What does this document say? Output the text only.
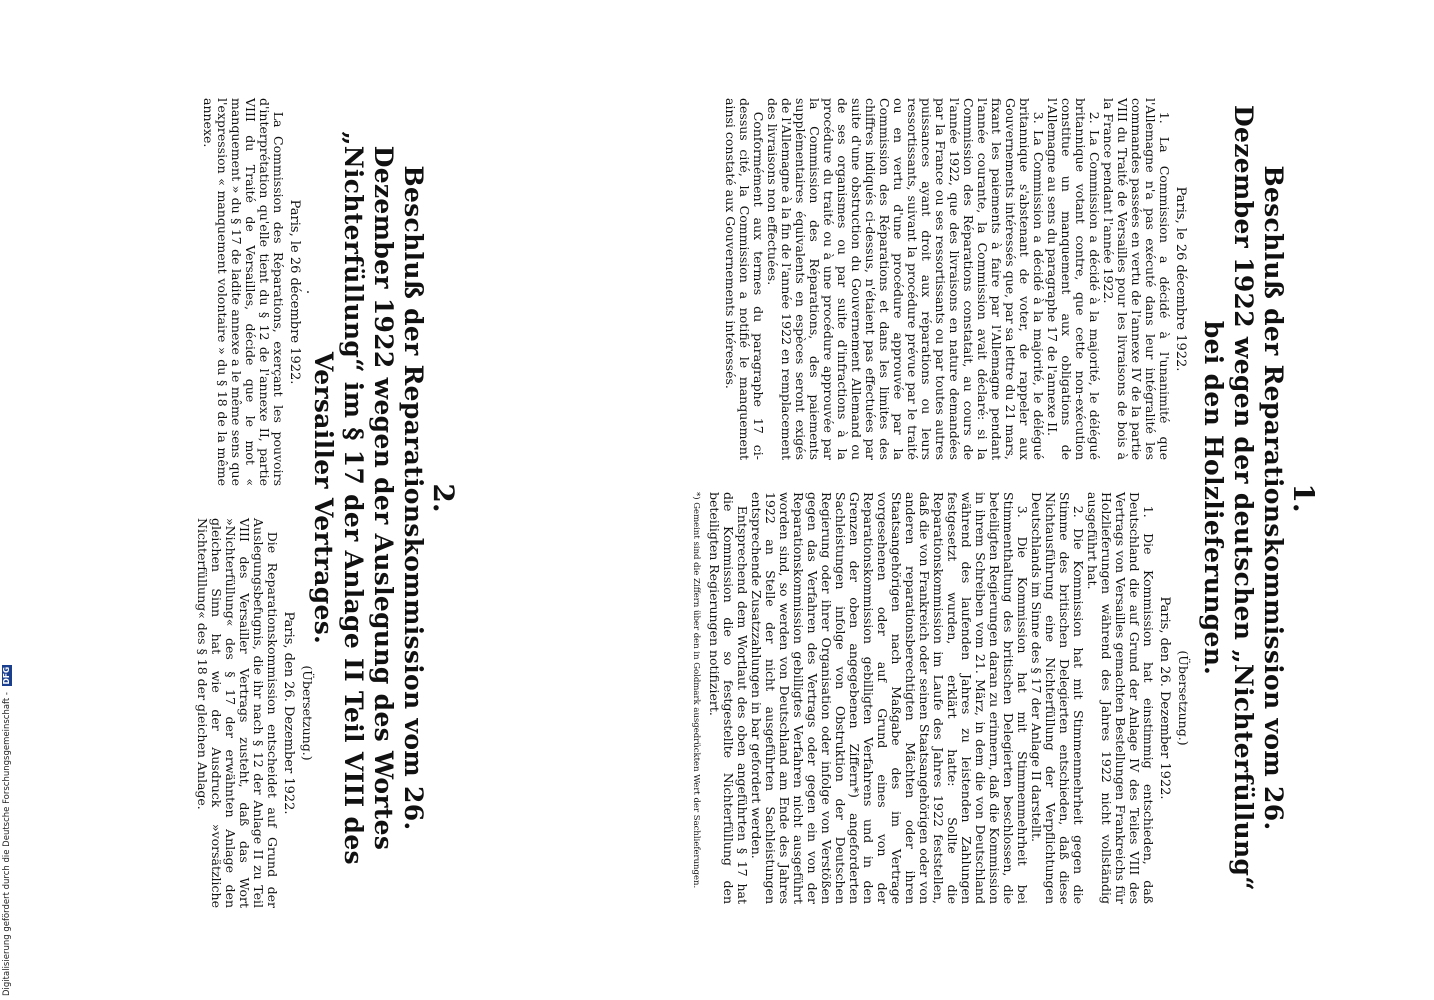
Digitalisierung gefördert durch die Deutsche Forschungsgemeinschaft - DFG

1.

Beschluß der Reparationskommission vom 26. Dezember 1922 wegen der deutschen „Nichterfüllung“ bei den Holzlieferungen.

Paris, le 26 décembre 1922.

1. La Commission a décidé à l'unanimité que l'Allemagne n'a pas exécuté dans leur intégralité les commandes passées en vertu de l'annexe IV de la partie VIII du Traité de Versailles pour les livraisons de bois à la France pendant l'année 1922.

2. La Commission a décidé à la majorité, le délégué britannique votant contre, que cette non-exécution constitue un manquement aux obligations de l'Allemagne au sens du paragraphe 17 de l'annexe II.

3. La Commission a décidé à la majorité, le délégué britannique s'abstenant de voter, de rappeler aux Gouvernements intéressés que, par sa lettre du 21 mars, fixant les paiements à faire par l'Allemagne pendant l'année courante, la Commission avait déclaré: si la Commission des Réparations constatait, au cours de l'année 1922, que des livraisons en nature demandées par la France ou ses ressortissants ou par toutes autres puissances ayant droit aux réparations ou leurs ressortissants, suivant la procédure prévue par le traité ou en vertu d'une procédure approuvée par la Commission des Réparations et dans les limites des chiffres indiqués ci-dessus, n'étaient pas effectuées par suite d'une obstruction du Gouvernement Allemand ou de ses organismes ou par suite d'infractions à la procédure du traité ou à une procédure approuvée par la Commission des Réparations, des paiements supplémentaires équivalents en espèces seront exigés de l'Allemagne à la fin de l'année 1922 en remplacement des livraisons non effectuées.

Conformément aux termes du paragraphe 17 ci-dessus cité, la Commission a notifié le manquement ainsi constaté aux Gouvernements intéressés.

(Übersetzung.)

Paris, den 26. Dezember 1922.

1. Die Kommission hat einstimmig entschieden, daß Deutschland die auf Grund der Anlage IV des Teiles VIII des Vertrags von Versailles gemachten Bestellungen Frankreichs für Holzlieferungen während des Jahres 1922 nicht vollständig ausgeführt hat.

2. Die Kommission hat mit Stimmenmehrheit gegen die Stimme des britischen Delegierten entschieden, daß diese Nichtausführung eine Nichterfüllung der Verpflichtungen Deutschlands im Sinne des § 17 der Anlage II darstellt.

3. Die Kommission hat mit Stimmenmehrheit bei Stimmenthaltung des britischen Delegierten beschlossen, die beteiligten Regierungen daran zu erinnern, daß die Kommission in ihrem Schreiben vom 21. März, in dem die von Deutschland während des laufenden Jahres zu leistenden Zahlungen festgesetzt wurden, erklärt hatte: Sollte die Reparationskommission im Laufe des Jahres 1922 feststellen, daß die von Frankreich oder seinen Staatsangehörigen oder von anderen reparationsberechtigten Mächten oder ihren Staatsangehörigen nach Maßgabe des im Vertrage vorgesehenen oder auf Grund eines von der Reparationskommission gebilligten Verfahrens und in den Grenzen der oben angegebenen Ziffern*) angeforderten Sachleistungen infolge von Obstruktion der Deutschen Regierung oder ihrer Organisation oder infolge von Verstößen gegen das Verfahren des Vertrags oder gegen ein von der Reparationskommission gebilligtes Verfahren nicht ausgeführt worden sind, so werden von Deutschland am Ende des Jahres 1922 an Stelle der nicht ausgeführten Sachleistungen entsprechende Zusatzzahlungen in bar gefordert werden.

Entsprechend dem Wortlaut des oben angeführten § 17 hat die Kommission die so festgestellte Nichterfüllung den beteiligten Regierungen notifiziert.

*) Gemeint sind die Ziffern über den in Goldmark ausgedrückten Wert der Sachlieferungen.

2.

Beschluß der Reparationskommission vom 26. Dezember 1922 wegen der Auslegung des Wortes „Nichterfüllung“ im § 17 der Anlage II Teil VIII des Versailler Vertrages.

.

Paris, le 26 décembre 1922.

La Commission des Réparations, exerçant les pouvoirs d'interprétation qu'elle tient du § 12 de l'annexe II, partie VIII du Traité de Versailles, décide que le mot « manquement » du § 17 de ladite annexe a le même sens que l'expression « manquement volontaire » du § 18 de la même annexe.

(Übersetzung.)

Paris, den 26. Dezember 1922.

Die Reparationskommission entscheidet auf Grund der Auslegungsbefugnis, die ihr nach § 12 der Anlage II zu Teil VIII des Versailler Vertrags zusteht, daß das Wort »Nichterfüllung« des § 17 der erwähnten Anlage den gleichen Sinn hat wie der Ausdruck »vorsätzliche Nichterfüllung« des § 18 der gleichen Anlage.
